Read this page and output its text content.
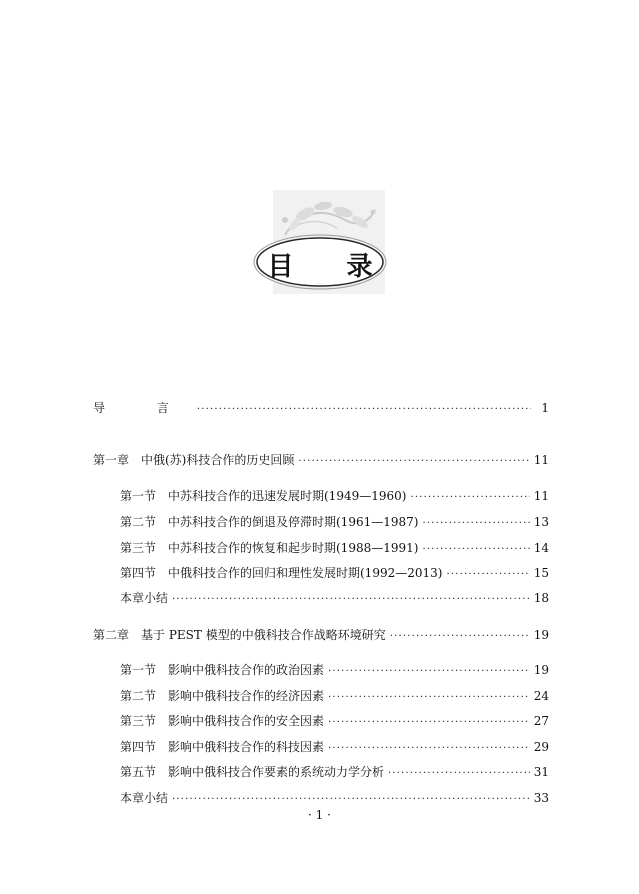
目 录
导 言 ·····	1
第一章　中俄(苏)科技合作的历史回顾 ·····	11
第一节　中苏科技合作的迅速发展时期(1949—1960) ·····	11
第二节　中苏科技合作的倒退及停滞时期(1961—1987) ·····	13
第三节　中苏科技合作的恢复和起步时期(1988—1991) ·····	14
第四节　中俄科技合作的回归和理性发展时期(1992—2013) ·····	15
本章小结 ·····	18
第二章　基于 PEST 模型的中俄科技合作战略环境研究 ·····	19
第一节　影响中俄科技合作的政治因素 ·····	19
第二节　影响中俄科技合作的经济因素 ·····	24
第三节　影响中俄科技合作的安全因素 ·····	27
第四节　影响中俄科技合作的科技因素 ·····	29
第五节　影响中俄科技合作要素的系统动力学分析 ·····	31
本章小结 ·····	33
· 1 ·
